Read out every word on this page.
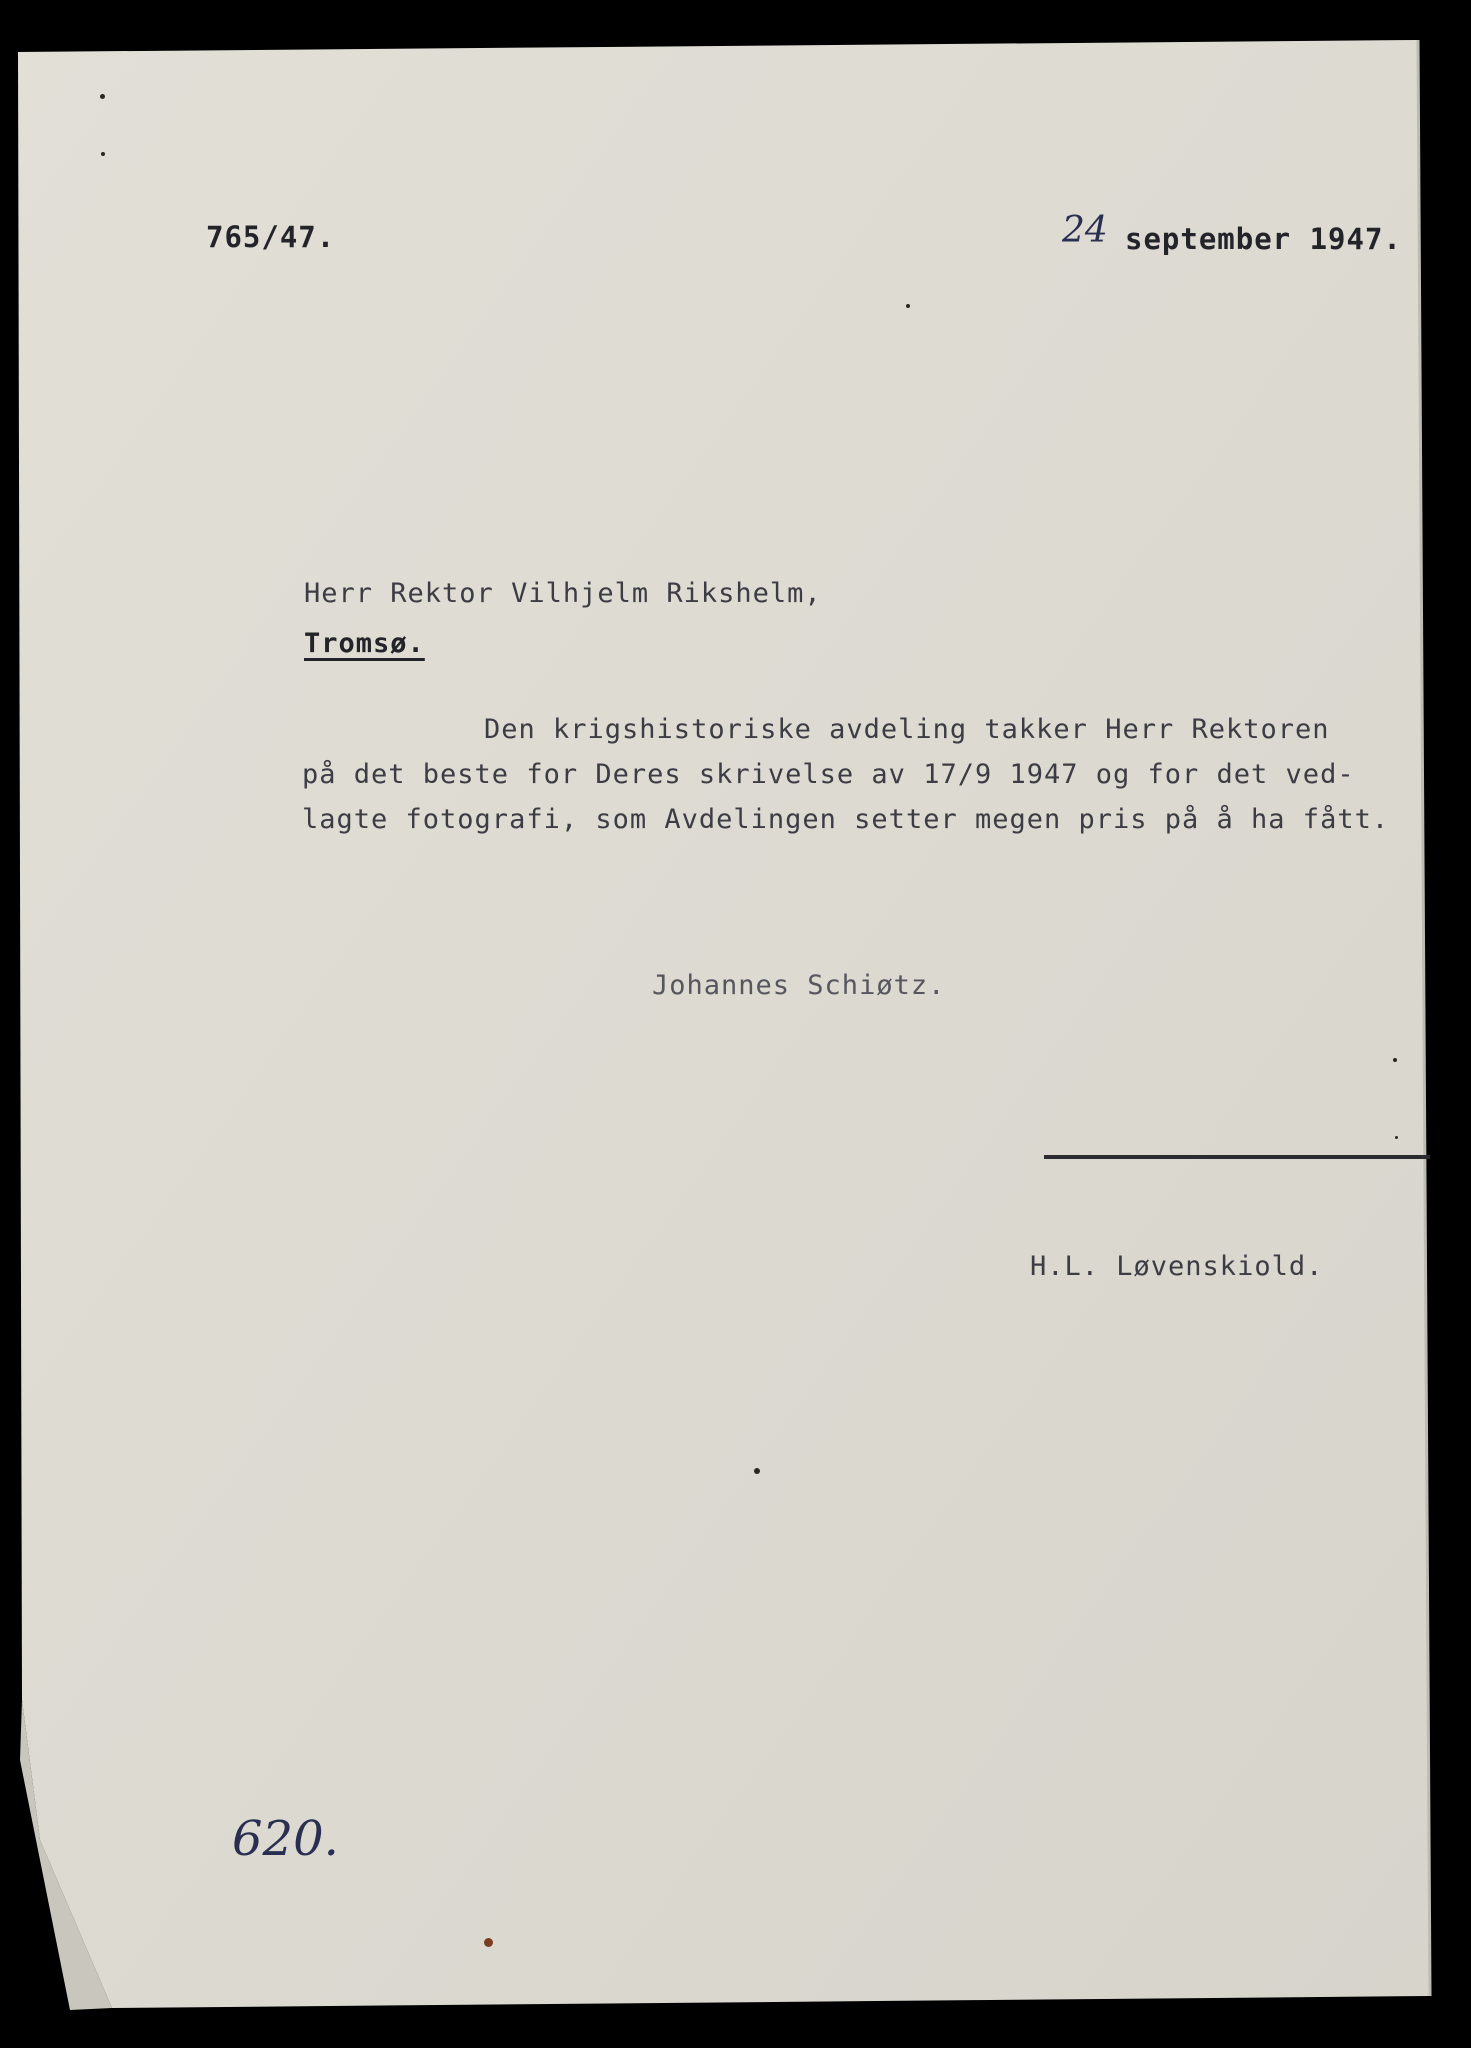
765/47.	24 september 1947.
Herr Rektor Vilhjelm Rikshelm,
Tromsø.
Den krigshistoriske avdeling takker Herr Rektoren
på det beste for Deres skrivelse av 17/9 1947 og for det ved-
lagte fotografi, som Avdelingen setter megen pris på å ha fått.
Johannes Schiøtz.
H.L. Løvenskiold.
620.
